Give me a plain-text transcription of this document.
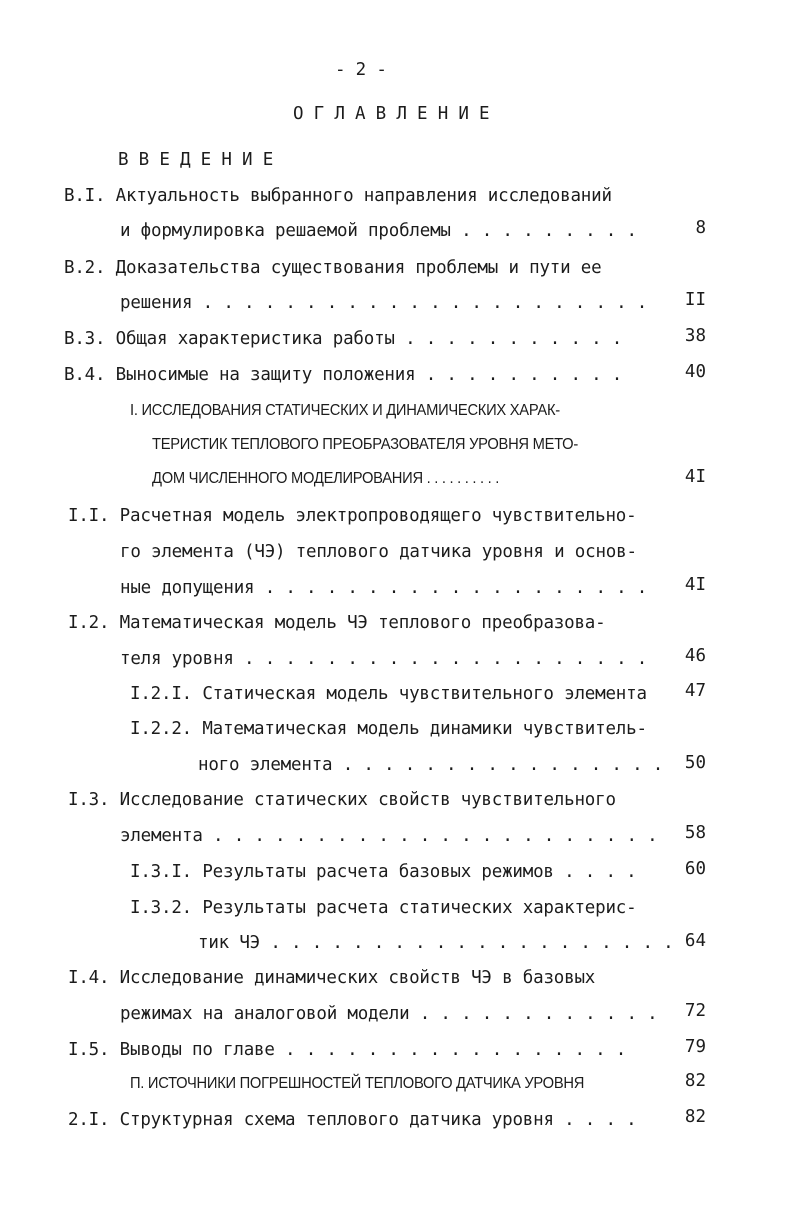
- 2 -
О Г Л А В Л Е Н И Е
В В Е Д Е Н И Е
В.I. Актуальность выбранного направления исследований
и формулировка решаемой проблемы . . . . . . . . .	8
В.2. Доказательства существования проблемы и пути ее
решения . . . . . . . . . . . . . . . . . . . . . .	II
В.З. Общая характеристика работы . . . . . . . . . . .	38
В.4. Выносимые на защиту положения . . . . . . . . . .	40
I. ИССЛЕДОВАНИЯ СТАТИЧЕСКИХ И ДИНАМИЧЕСКИХ ХАРАК-
ТЕРИСТИК ТЕПЛОВОГО ПРЕОБРАЗОВАТЕЛЯ УРОВНЯ МЕТО-
ДОМ ЧИСЛЕННОГО МОДЕЛИРОВАНИЯ . . . . . . . . . .	4I
I.I. Расчетная модель электропроводящего чувствительно-
го элемента (ЧЭ) теплового датчика уровня и основ-
ные допущения . . . . . . . . . . . . . . . . . . .	4I
I.2. Математическая модель ЧЭ теплового преобразова-
теля уровня . . . . . . . . . . . . . . . . . . . .	46
I.2.I. Статическая модель чувствительного элемента	47
I.2.2. Математическая модель динамики чувствитель-
ного элемента . . . . . . . . . . . . . . . .	50
I.3. Исследование статических свойств чувствительного
элемента . . . . . . . . . . . . . . . . . . . . . .	58
I.3.I. Результаты расчета базовых режимов . . . .	60
I.3.2. Результаты расчета статических характерис-
тик ЧЭ . . . . . . . . . . . . . . . . . . . . 64
I.4. Исследование динамических свойств ЧЭ в базовых
режимах на аналоговой модели . . . . . . . . . . . .	72
I.5. Выводы по главе . . . . . . . . . . . . . . . . .	79
П. ИСТОЧНИКИ ПОГРЕШНОСТЕЙ ТЕПЛОВОГО ДАТЧИКА УРОВНЯ	82
2.I. Структурная схема теплового датчика уровня . . . .	82
